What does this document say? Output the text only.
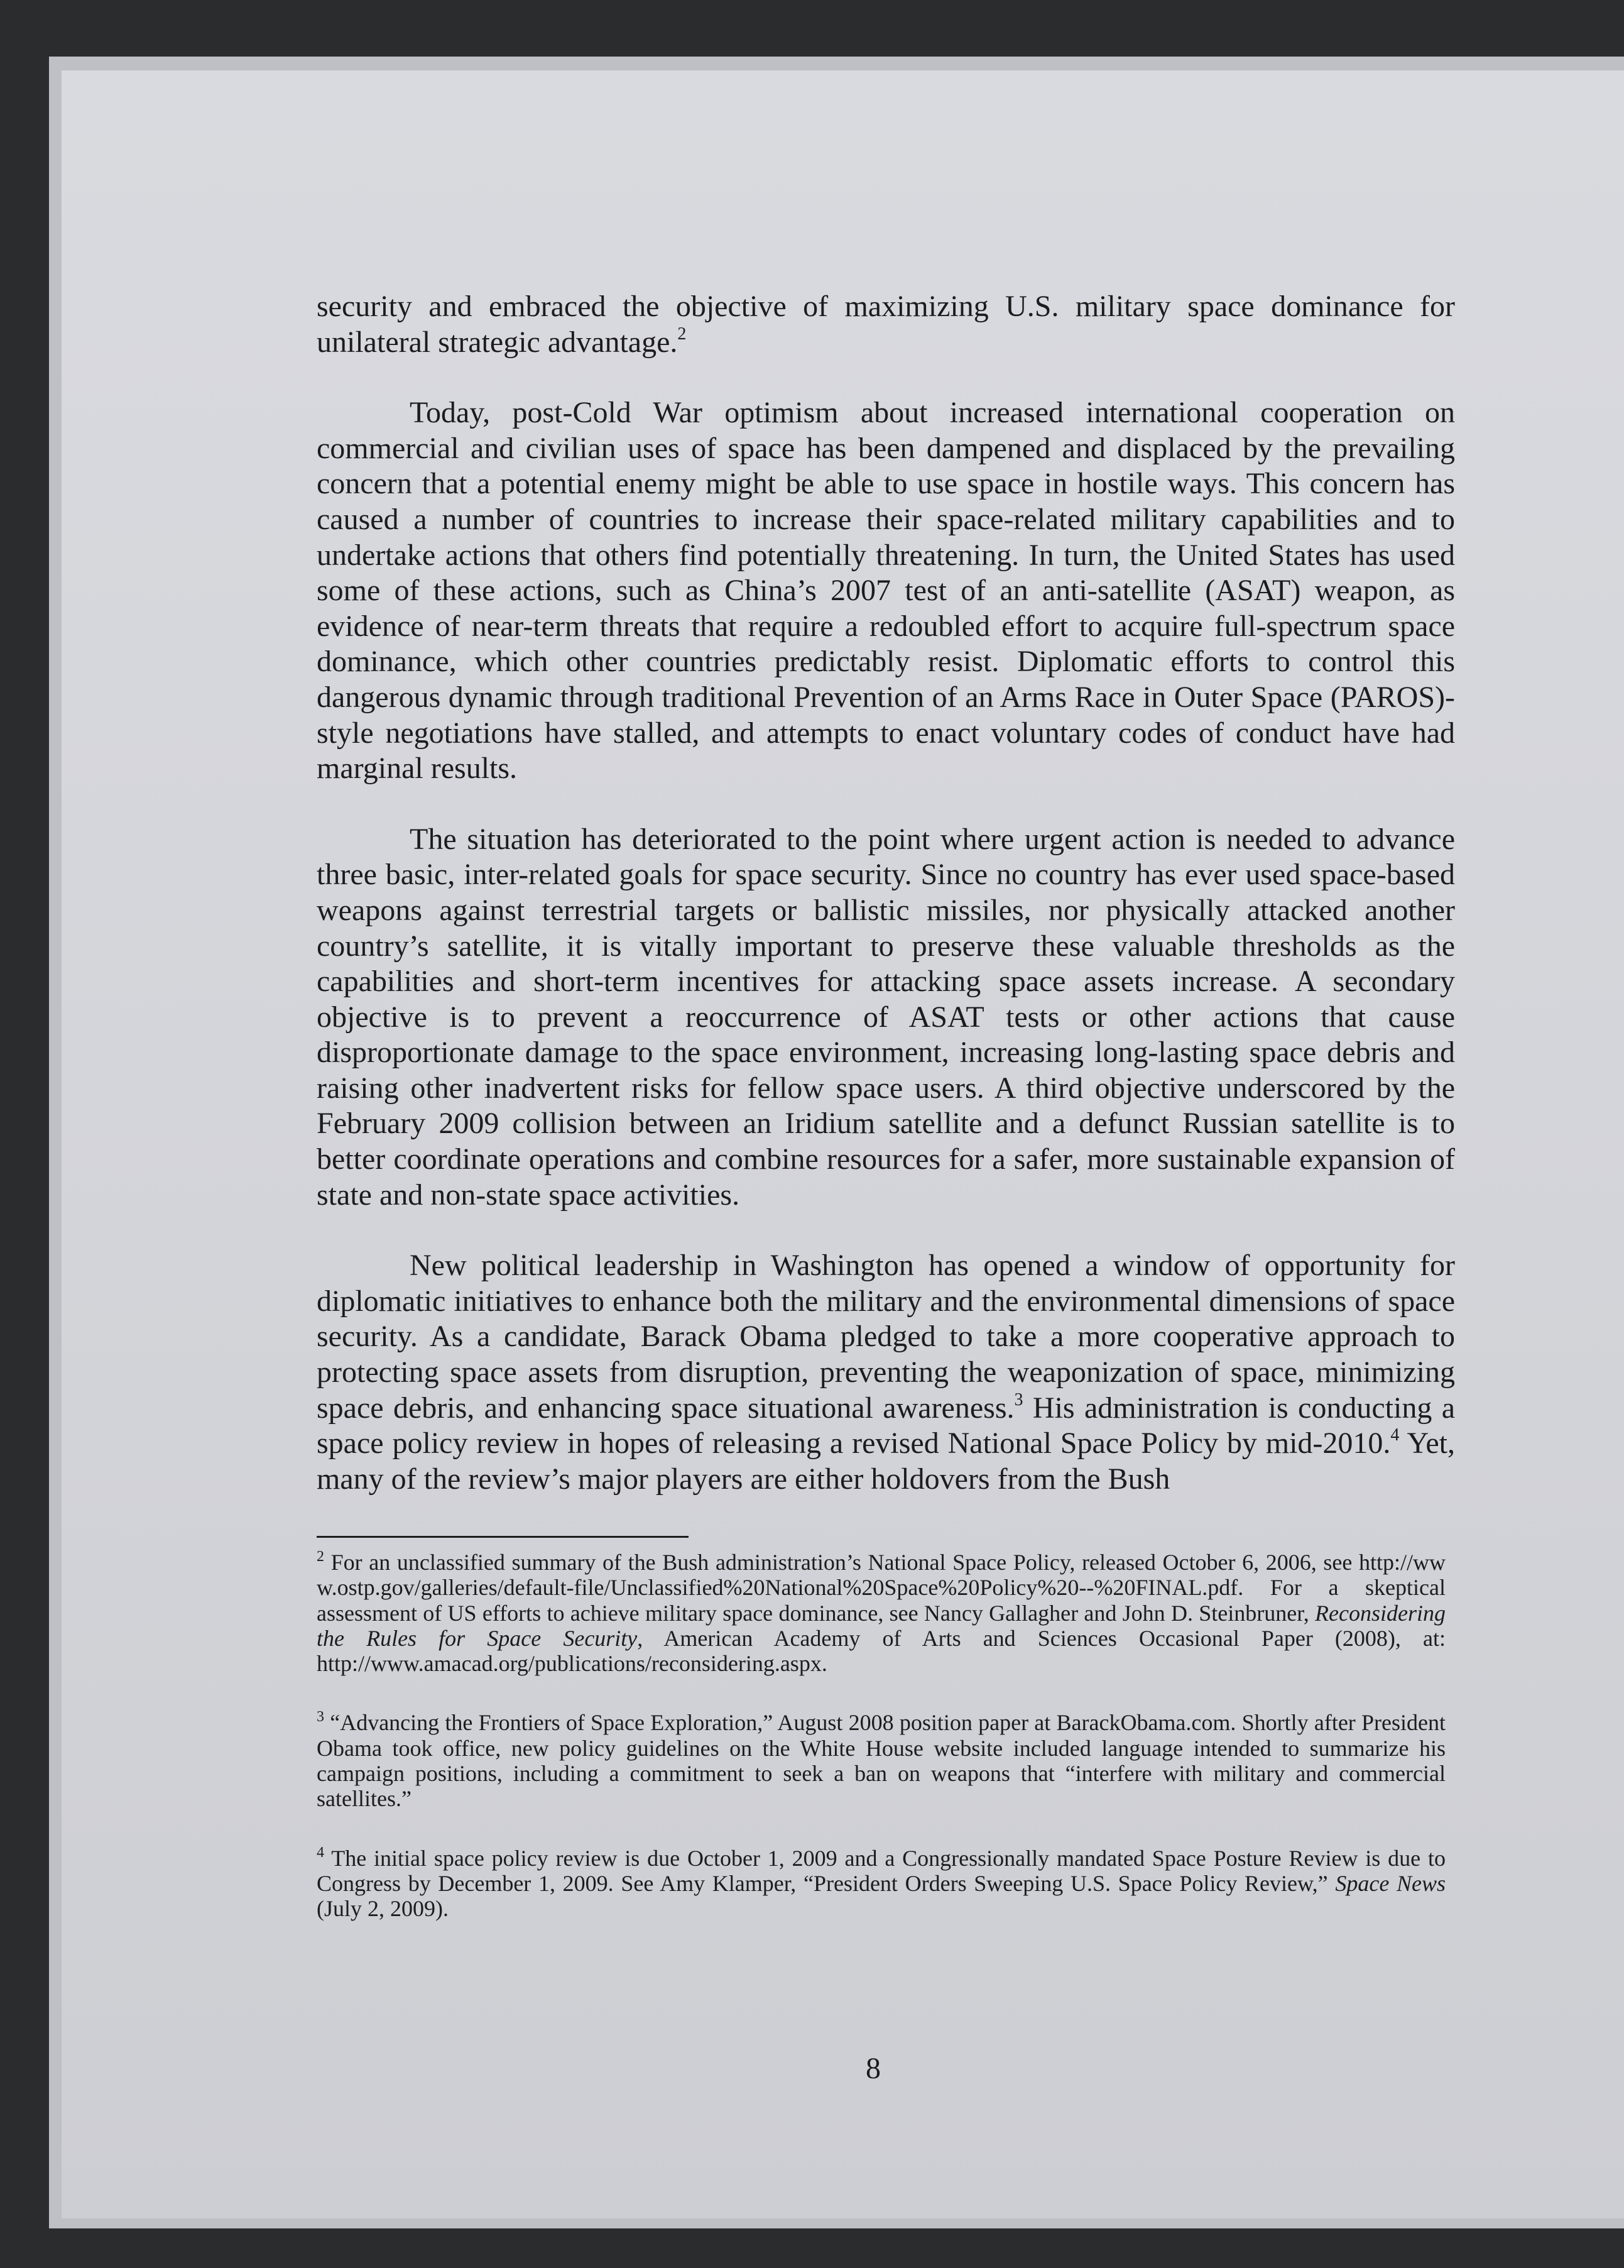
security and embraced the objective of maximizing U.S. military space dominance for unilateral strategic advantage.$^2$

Today, post-Cold War optimism about increased international cooperation on commercial and civilian uses of space has been dampened and displaced by the prevailing concern that a potential enemy might be able to use space in hostile ways. This concern has caused a number of countries to increase their space-related military capabilities and to undertake actions that others find potentially threatening. In turn, the United States has used some of these actions, such as China’s 2007 test of an anti-satellite (ASAT) weapon, as evidence of near-term threats that require a redoubled effort to acquire full-spectrum space dominance, which other countries predictably resist. Diplomatic efforts to control this dangerous dynamic through traditional Prevention of an Arms Race in Outer Space (PAROS)-style negotiations have stalled, and attempts to enact voluntary codes of conduct have had marginal results.

The situation has deteriorated to the point where urgent action is needed to advance three basic, inter-related goals for space security. Since no country has ever used space-based weapons against terrestrial targets or ballistic missiles, nor physically attacked another country’s satellite, it is vitally important to preserve these valuable thresholds as the capabilities and short-term incentives for attacking space assets increase. A secondary objective is to prevent a reoccurrence of ASAT tests or other actions that cause disproportionate damage to the space environment, increasing long-lasting space debris and raising other inadvertent risks for fellow space users. A third objective underscored by the February 2009 collision between an Iridium satellite and a defunct Russian satellite is to better coordinate operations and combine resources for a safer, more sustainable expansion of state and non-state space activities.

New political leadership in Washington has opened a window of opportunity for diplomatic initiatives to enhance both the military and the environmental dimensions of space security. As a candidate, Barack Obama pledged to take a more cooperative approach to protecting space assets from disruption, preventing the weaponization of space, minimizing space debris, and enhancing space situational awareness.$^3$ His administration is conducting a space policy review in hopes of releasing a revised National Space Policy by mid-2010.$^4$ Yet, many of the review’s major players are either holdovers from the Bush

$^2$ For an unclassified summary of the Bush administration’s National Space Policy, released October 6, 2006, see http://www.ostp.gov/galleries/default-file/Unclassified%20National%20Space%20Policy%20--%20FINAL.pdf. For a skeptical assessment of US efforts to achieve military space dominance, see Nancy Gallagher and John D. Steinbruner, Reconsidering the Rules for Space Security, American Academy of Arts and Sciences Occasional Paper (2008), at: http://www.amacad.org/publications/reconsidering.aspx.

$^3$ “Advancing the Frontiers of Space Exploration,” August 2008 position paper at BarackObama.com. Shortly after President Obama took office, new policy guidelines on the White House website included language intended to summarize his campaign positions, including a commitment to seek a ban on weapons that “interfere with military and commercial satellites.”

$^4$ The initial space policy review is due October 1, 2009 and a Congressionally mandated Space Posture Review is due to Congress by December 1, 2009. See Amy Klamper, “President Orders Sweeping U.S. Space Policy Review,” Space News (July 2, 2009).

8
